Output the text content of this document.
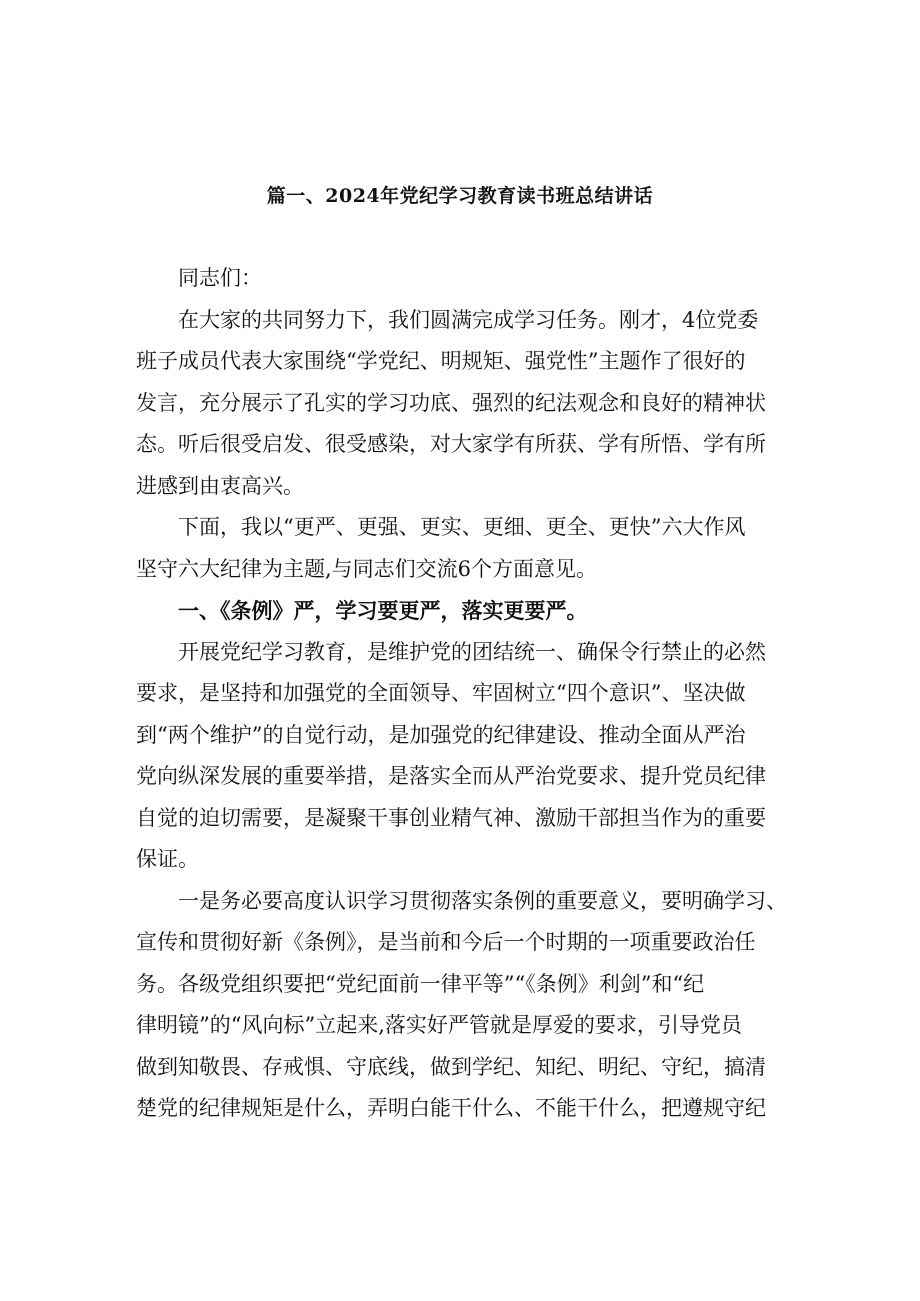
篇一、2024年党纪学习教育读书班总结讲话

同志们：

在大家的共同努力下，我们圆满完成学习任务。刚才，4位党委
班子成员代表大家围绕“学党纪、明规矩、强党性”主题作了很好的
发言，充分展示了孔实的学习功底、强烈的纪法观念和良好的精神状
态。听后很受启发、很受感染，对大家学有所获、学有所悟、学有所
进感到由衷高兴。
下面，我以“更严、更强、更实、更细、更全、更快”六大作风
坚守六大纪律为主题,与同志们交流6个方面意见。
一、《条例》严，学习要更严，落实更要严。
开展党纪学习教育，是维护党的团结统一、确保令行禁止的必然
要求，是坚持和加强党的全面领导、牢固树立“四个意识”、坚决做
到“两个维护”的自觉行动，是加强党的纪律建设、推动全面从严治
党向纵深发展的重要举措，是落实全而从严治党要求、提升党员纪律
自觉的迫切需要，是凝聚干事创业精气神、激励干部担当作为的重要
保证。
一是务必要高度认识学习贯彻落实条例的重要意义，要明确学习、
宣传和贯彻好新《条例》，是当前和今后一个时期的一项重要政治任
务。各级党组织要把“党纪面前一律平等”“《条例》利剑”和“纪
律明镜”的“风向标”立起来,落实好严管就是厚爱的要求，引导党员
做到知敬畏、存戒惧、守底线，做到学纪、知纪、明纪、守纪，搞清
楚党的纪律规矩是什么，弄明白能干什么、不能干什么，把遵规守纪
